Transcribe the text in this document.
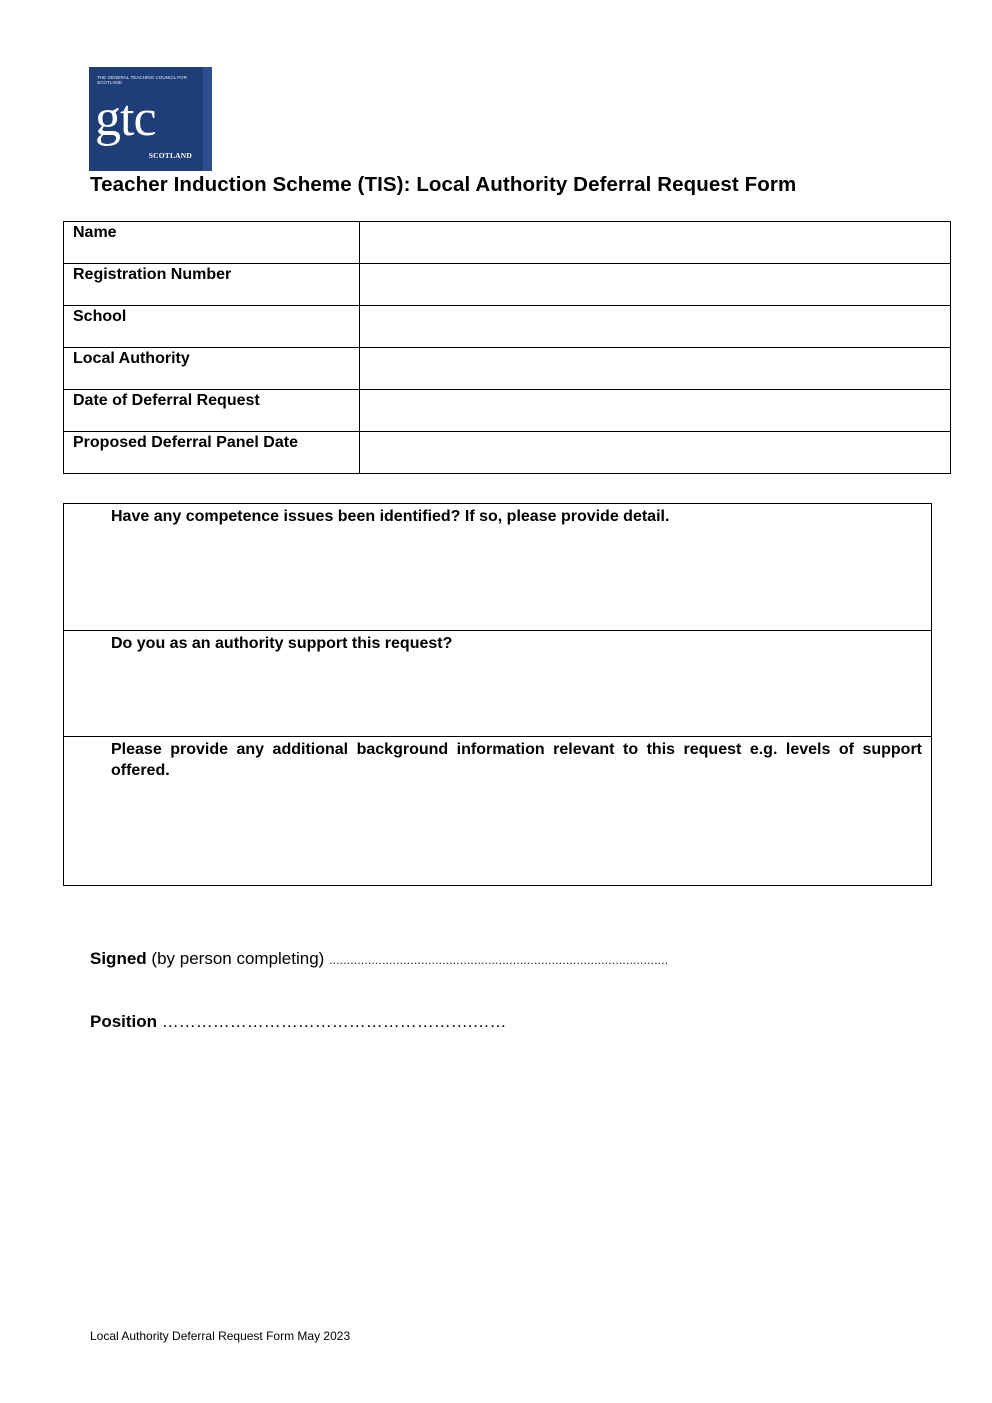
THE GENERAL TEACHING COUNCIL FOR SCOTLAND
gtc
SCOTLAND
Teacher Induction Scheme (TIS): Local Authority Deferral Request Form
Name	
Registration Number	
School	
Local Authority	
Date of Deferral Request	
Proposed Deferral Panel Date	
Have any competence issues been identified? If so, please provide detail.

Do you as an authority support this request?

Please provide any additional background information relevant to this request e.g. levels of support offered.
Signed (by person completing) ................................................................................................
Position ……………………………………………….……
Local Authority Deferral Request Form May 2023
